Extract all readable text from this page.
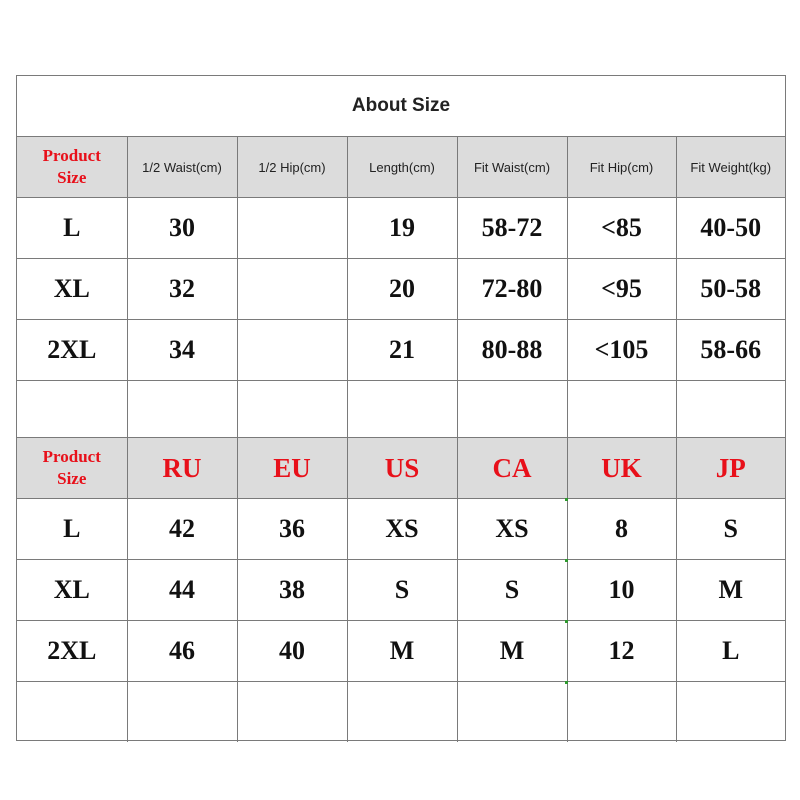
About Size
Product Size	1/2 Waist(cm)	1/2 Hip(cm)	Length(cm)	Fit Waist(cm)	Fit Hip(cm)	Fit Weight(kg)
L	30		19	58-72	<85	40-50
XL	32		20	72-80	<95	50-58
2XL	34		21	80-88	<105	58-66

Product Size	RU	EU	US	CA	UK	JP
L	42	36	XS	XS	8	S
XL	44	38	S	S	10	M
2XL	46	40	M	M	12	L
